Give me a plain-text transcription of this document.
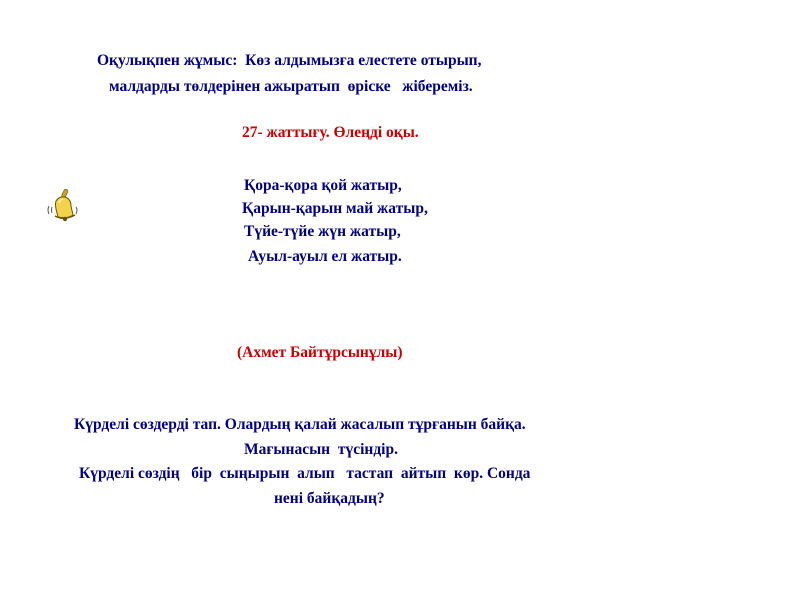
Оқулықпен жұмыс:  Көз алдымызға елестете отырып,
малдарды төлдерінен ажыратып  өріске   жібереміз.
27- жаттығу. Өлеңді оқы.
Қора-қора қой жатыр,
Қарын-қарын май жатыр,
Түйе-түйе жүн жатыр,
Ауыл-ауыл ел жатыр.
(Ахмет Байтұрсынұлы)
Күрделі сөздерді тап. Олардың қалай жасалып тұрғанын байқа.
Мағынасын  түсіндір.
Күрделі сөздің   бір  сыңырын  алып   тастап  айтып  көр. Сонда
нені байқадың?
